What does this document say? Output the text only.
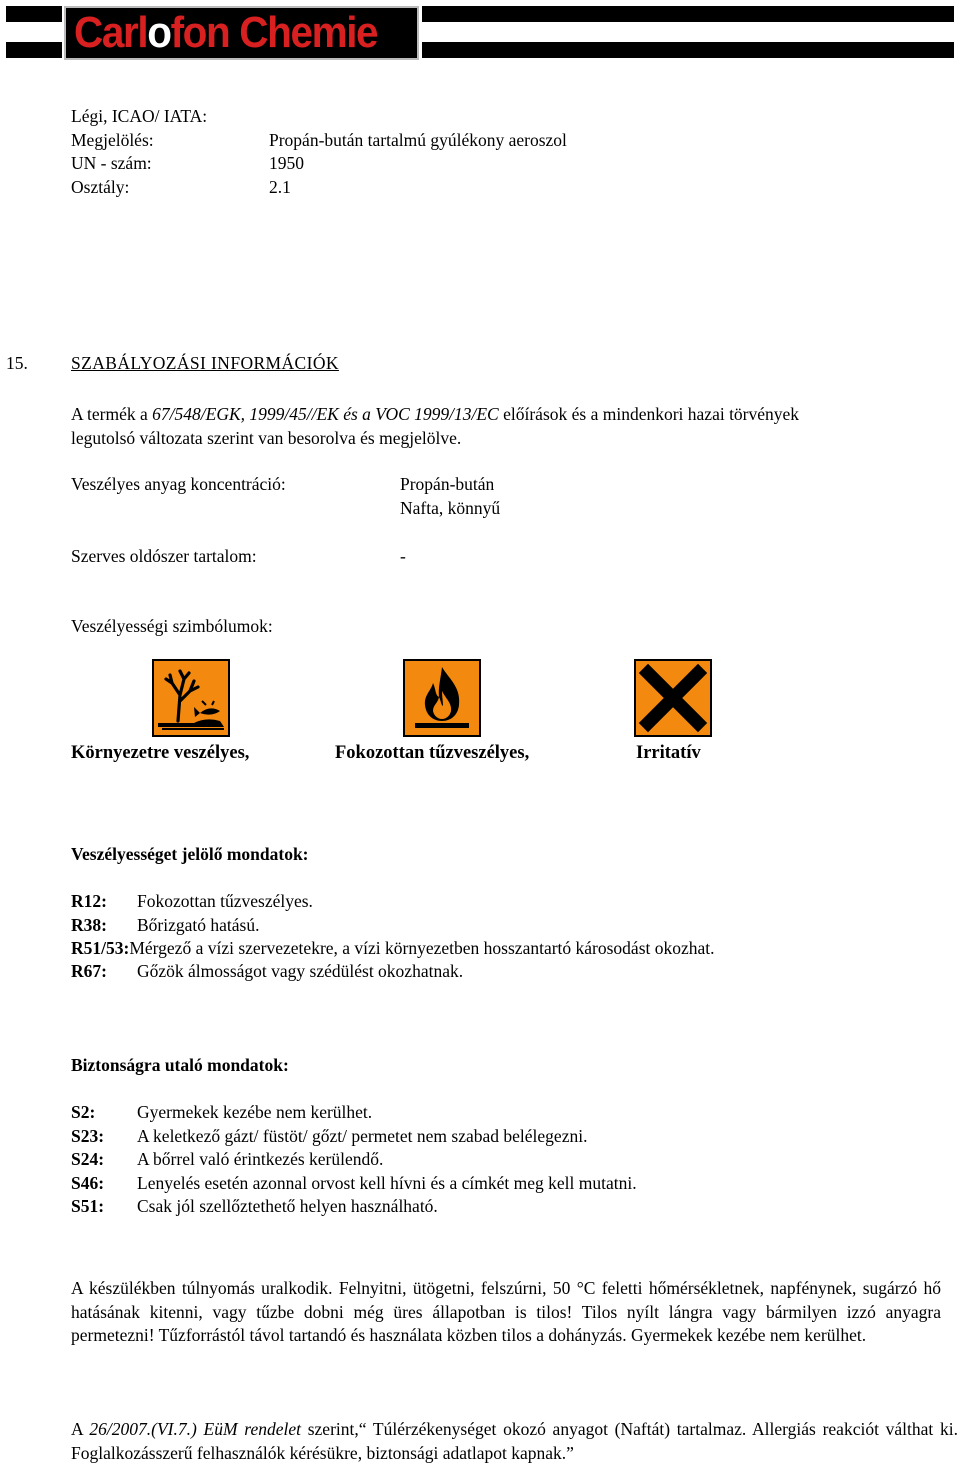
Carlofon Chemie
Légi, ICAO/ IATA:
Megjelölés:	Propán-bután tartalmú gyúlékony aeroszol
UN - szám:	1950
Osztály:	2.1
15. SZABÁLYOZÁSI INFORMÁCIÓK
A termék a 67/548/EGK, 1999/45//EK és a VOC 1999/13/EC előírások és a mindenkori hazai törvények
legutolsó változata szerint van besorolva és megjelölve.
Veszélyes anyag koncentráció:	Propán-bután
Nafta, könnyű
Szerves oldószer tartalom:	-
Veszélyességi szimbólumok:
Környezetre veszélyes,	Fokozottan tűzveszélyes,	Irritatív
Veszélyességet jelölő mondatok:
R12: Fokozottan tűzveszélyes.
R38: Bőrizgató hatású.
R51/53:Mérgező a vízi szervezetekre, a vízi környezetben hosszantartó károsodást okozhat.
R67: Gőzök álmosságot vagy szédülést okozhatnak.
Biztonságra utaló mondatok:
S2: Gyermekek kezébe nem kerülhet.
S23: A keletkező gázt/ füstöt/ gőzt/ permetet nem szabad belélegezni.
S24: A bőrrel való érintkezés kerülendő.
S46: Lenyelés esetén azonnal orvost kell hívni és a címkét meg kell mutatni.
S51: Csak jól szellőztethető helyen használható.

A készülékben túlnyomás uralkodik. Felnyitni, ütögetni, felszúrni, 50 °C feletti hőmérsékletnek, napfénynek, sugárzó hő hatásának kitenni, vagy tűzbe dobni még üres állapotban is tilos! Tilos nyílt lángra vagy bármilyen izzó anyagra permetezni! Tűzforrástól távol tartandó és használata közben tilos a dohányzás. Gyermekek kezébe nem kerülhet.

A 26/2007.(VI.7.) EüM rendelet szerint,“ Túlérzékenységet okozó anyagot (Naftát) tartalmaz. Allergiás reakciót válthat ki. Foglalkozásszerű felhasználók kérésükre, biztonsági adatlapot kapnak.”
